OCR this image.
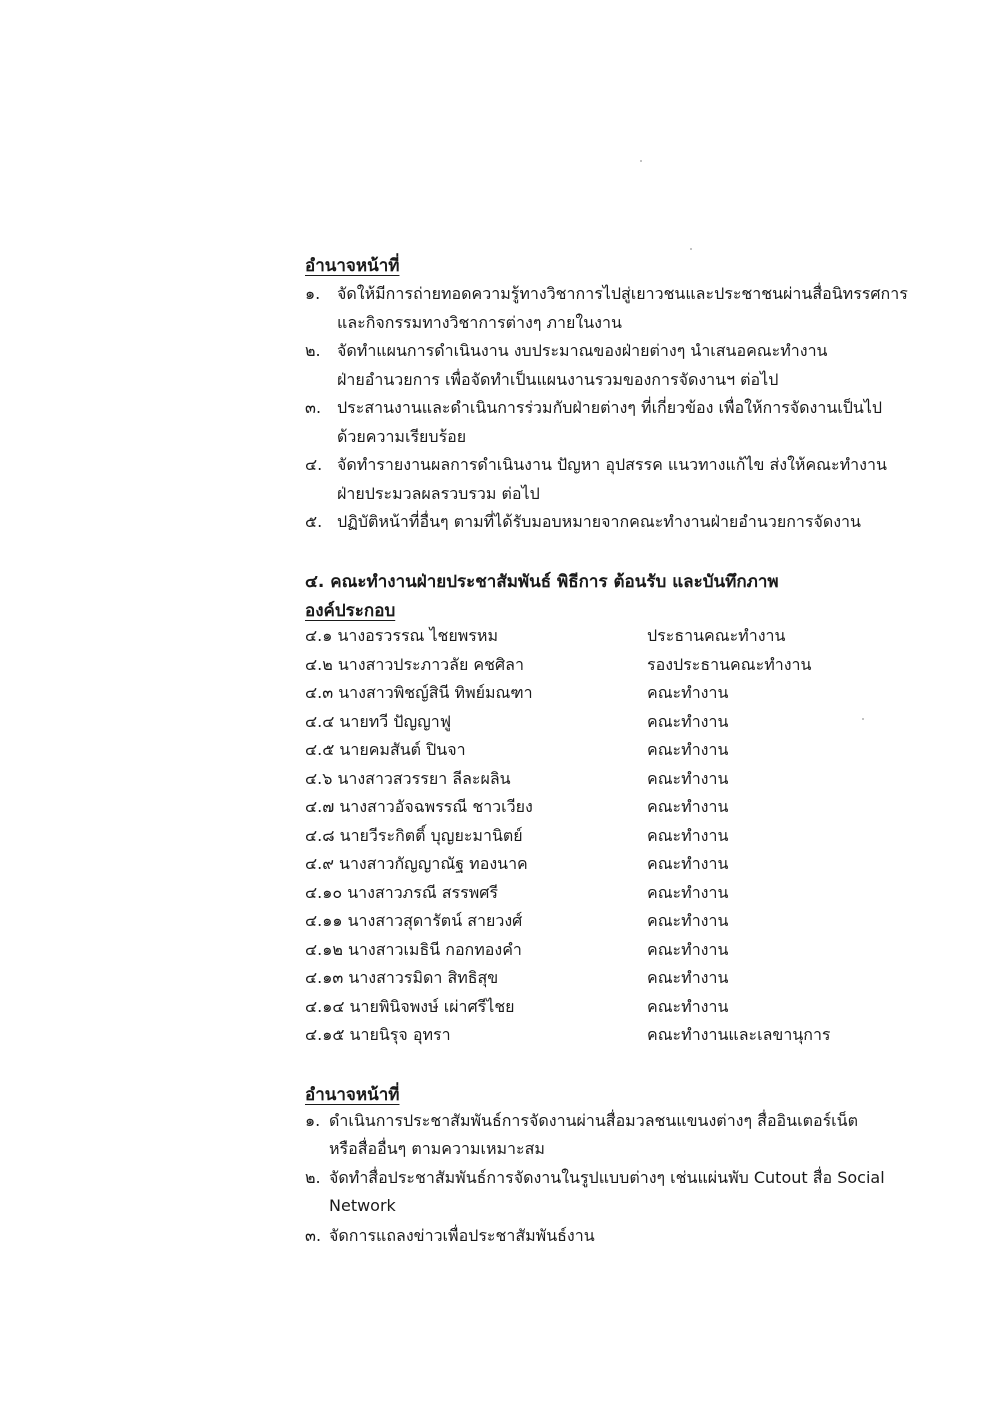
อำนาจหน้าที่
๑. จัดให้มีการถ่ายทอดความรู้ทางวิชาการไปสู่เยาวชนและประชาชนผ่านสื่อนิทรรศการ
และกิจกรรมทางวิชาการต่างๆ ภายในงาน
๒. จัดทำแผนการดำเนินงาน งบประมาณของฝ่ายต่างๆ นำเสนอคณะทำงาน
ฝ่ายอำนวยการ เพื่อจัดทำเป็นแผนงานรวมของการจัดงานฯ ต่อไป
๓. ประสานงานและดำเนินการร่วมกับฝ่ายต่างๆ ที่เกี่ยวข้อง เพื่อให้การจัดงานเป็นไป
ด้วยความเรียบร้อย
๔. จัดทำรายงานผลการดำเนินงาน ปัญหา อุปสรรค แนวทางแก้ไข ส่งให้คณะทำงาน
ฝ่ายประมวลผลรวบรวม ต่อไป
๕. ปฏิบัติหน้าที่อื่นๆ ตามที่ได้รับมอบหมายจากคณะทำงานฝ่ายอำนวยการจัดงาน
๔. คณะทำงานฝ่ายประชาสัมพันธ์ พิธีการ ต้อนรับ และบันทึกภาพ
องค์ประกอบ
๔.๑ นางอรวรรณ ไชยพรหม	ประธานคณะทำงาน
๔.๒ นางสาวประภาวลัย คชศิลา	รองประธานคณะทำงาน
๔.๓ นางสาวพิชญ์สินี ทิพย์มณฑา	คณะทำงาน
๔.๔ นายทวี ปัญญาฟู	คณะทำงาน
๔.๕ นายคมสันต์ ปินจา	คณะทำงาน
๔.๖ นางสาวสวรรยา ลีละผลิน	คณะทำงาน
๔.๗ นางสาวอัจฉพรรณี ชาวเวียง	คณะทำงาน
๔.๘ นายวีระกิตติ์ บุญยะมานิตย์	คณะทำงาน
๔.๙ นางสาวกัญญาณัฐ ทองนาค	คณะทำงาน
๔.๑๐ นางสาวภรณี สรรพศรี	คณะทำงาน
๔.๑๑ นางสาวสุดารัตน์ สายวงศ์	คณะทำงาน
๔.๑๒ นางสาวเมธินี กอกทองคำ	คณะทำงาน
๔.๑๓ นางสาวรมิดา สิทธิสุข	คณะทำงาน
๔.๑๔ นายพินิจพงษ์ เผ่าศรีไชย	คณะทำงาน
๔.๑๕ นายนิรุจ อุทรา	คณะทำงานและเลขานุการ
อำนาจหน้าที่
๑. ดำเนินการประชาสัมพันธ์การจัดงานผ่านสื่อมวลชนแขนงต่างๆ สื่ออินเตอร์เน็ต
หรือสื่ออื่นๆ ตามความเหมาะสม
๒. จัดทำสื่อประชาสัมพันธ์การจัดงานในรูปแบบต่างๆ เช่นแผ่นพับ Cutout สื่อ Social
Network
๓. จัดการแถลงข่าวเพื่อประชาสัมพันธ์งาน
